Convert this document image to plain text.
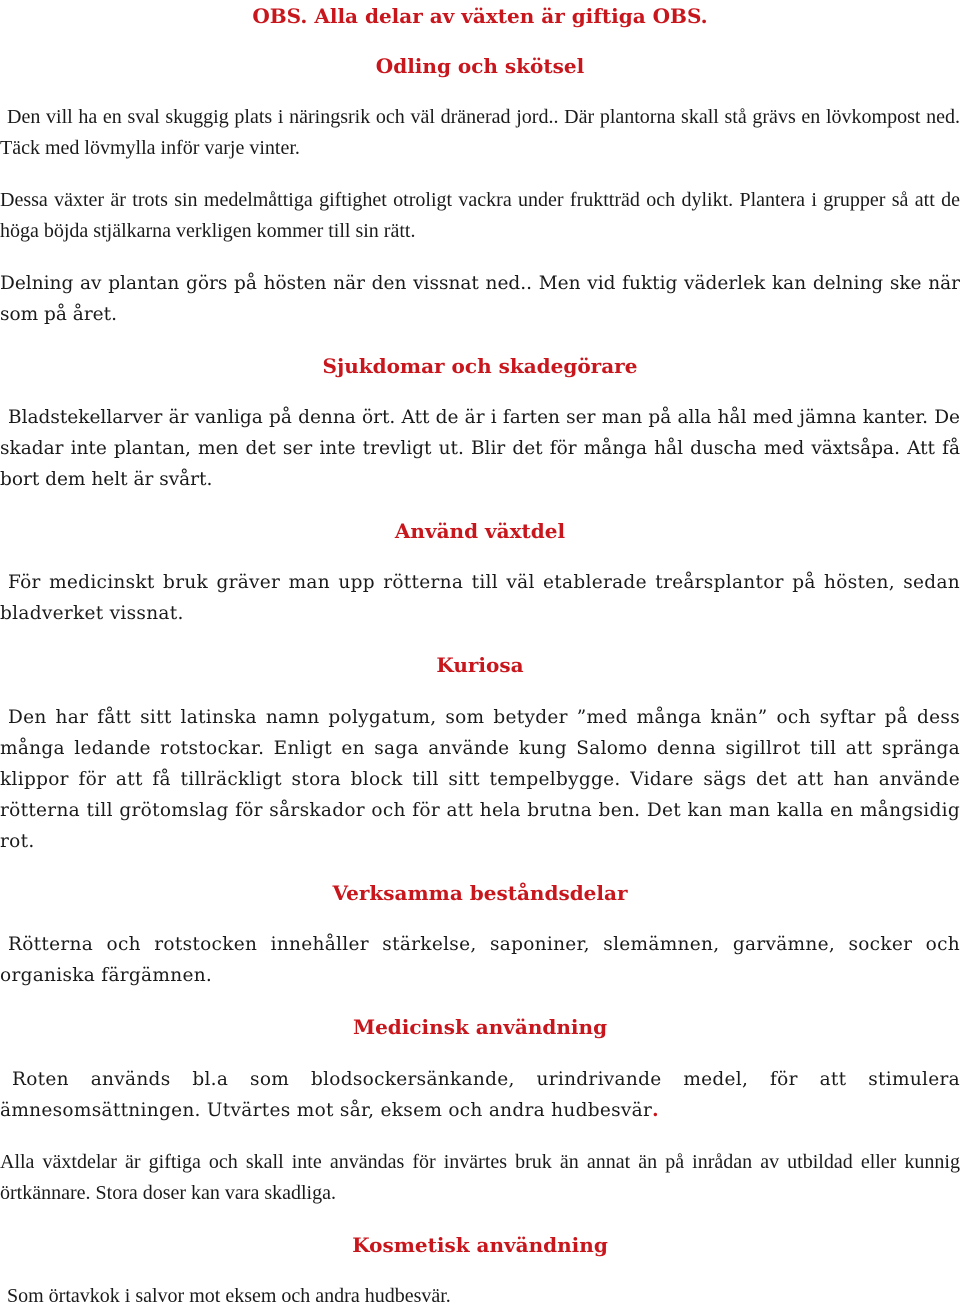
OBS. Alla delar av växten är giftiga OBS.
Odling och skötsel

Den vill ha en sval skuggig plats i näringsrik och väl dränerad jord.. Där plantorna skall stå grävs en lövkompost ned. Täck med lövmylla inför varje vinter.

Dessa växter är trots sin medelmåttiga giftighet otroligt vackra under fruktträd och dylikt. Plantera i grupper så att de höga böjda stjälkarna verkligen kommer till sin rätt.

Delning av plantan görs på hösten när den vissnat ned.. Men vid fuktig väderlek kan delning ske när som på året.

Sjukdomar och skadegörare

Bladstekellarver är vanliga på denna ört. Att de är i farten ser man på alla hål med jämna kanter. De skadar inte plantan, men det ser inte trevligt ut. Blir det för många hål duscha med växtsåpa. Att få bort dem helt är svårt.

Använd växtdel

För medicinskt bruk gräver man upp rötterna till väl etablerade treårsplantor på hösten, sedan bladverket vissnat.

Kuriosa

Den har fått sitt latinska namn polygatum, som betyder ”med många knän” och syftar på dess många ledande rotstockar. Enligt en saga använde kung Salomo denna sigillrot till att spränga klippor för att få tillräckligt stora block till sitt tempelbygge. Vidare sägs det att han använde rötterna till grötomslag för sårskador och för att hela brutna ben. Det kan man kalla en mångsidig rot.

Verksamma beståndsdelar

Rötterna och rotstocken innehåller stärkelse, saponiner, slemämnen, garvämne, socker och organiska färgämnen.

Medicinsk användning

Roten används bl.a som blodsockersänkande, urindrivande medel, för att stimulera ämnesomsättningen. Utvärtes mot sår, eksem och andra hudbesvär.

Alla växtdelar är giftiga och skall inte användas för invärtes bruk än annat än på inrådan av utbildad eller kunnig örtkännare. Stora doser kan vara skadliga.

Kosmetisk användning

Som örtavkok i salvor mot eksem och andra hudbesvär.
